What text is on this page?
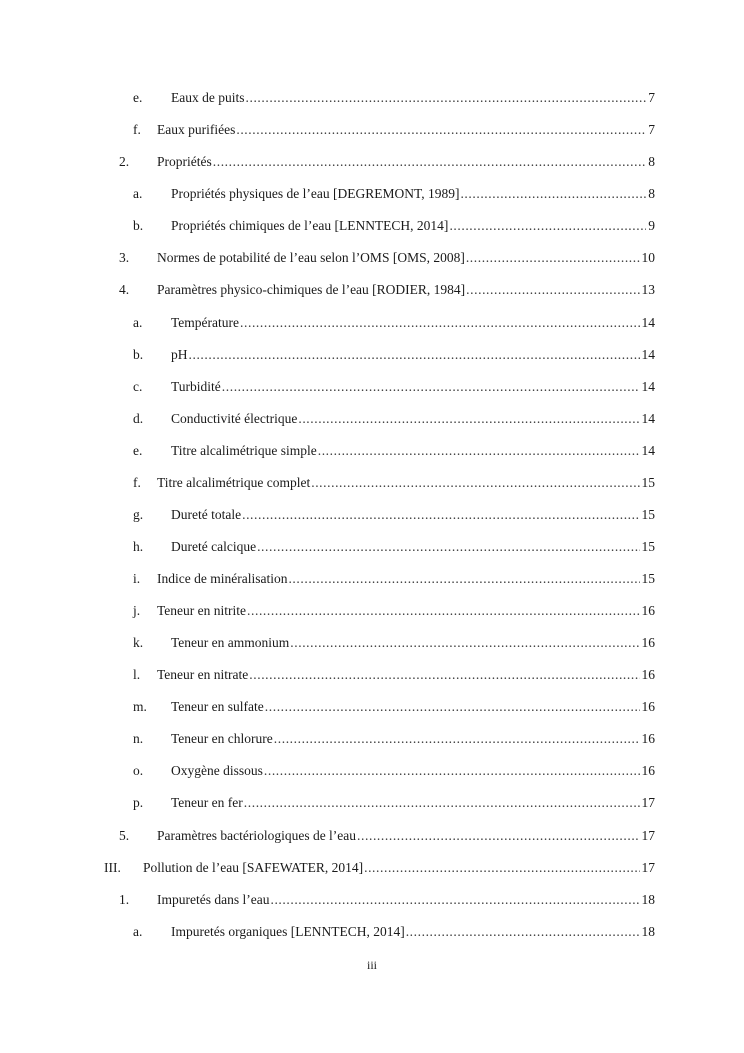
e. Eaux de puits .....	7
f. Eaux purifiées .....	7
2. Propriétés .....	8
a. Propriétés physiques de l’eau [DEGREMONT, 1989] .....	8
b. Propriétés chimiques de l’eau [LENNTECH, 2014] .....	9
3. Normes de potabilité de l’eau selon l’OMS [OMS, 2008] .....	10
4. Paramètres physico-chimiques de l’eau [RODIER, 1984] .....	13
a. Température .....	14
b. pH .....	14
c. Turbidité .....	14
d. Conductivité électrique .....	14
e. Titre alcalimétrique simple .....	14
f. Titre alcalimétrique complet .....	15
g. Dureté totale .....	15
h. Dureté calcique .....	15
i. Indice de minéralisation .....	15
j. Teneur en nitrite .....	16
k. Teneur en ammonium .....	16
l. Teneur en nitrate .....	16
m. Teneur en sulfate .....	16
n. Teneur en chlorure .....	16
o. Oxygène dissous .....	16
p. Teneur en fer .....	17
5. Paramètres bactériologiques de l’eau .....	17
III. Pollution de l’eau [SAFEWATER, 2014] .....	17
1. Impuretés dans l’eau .....	18
a. Impuretés organiques [LENNTECH, 2014] .....	18
iii
